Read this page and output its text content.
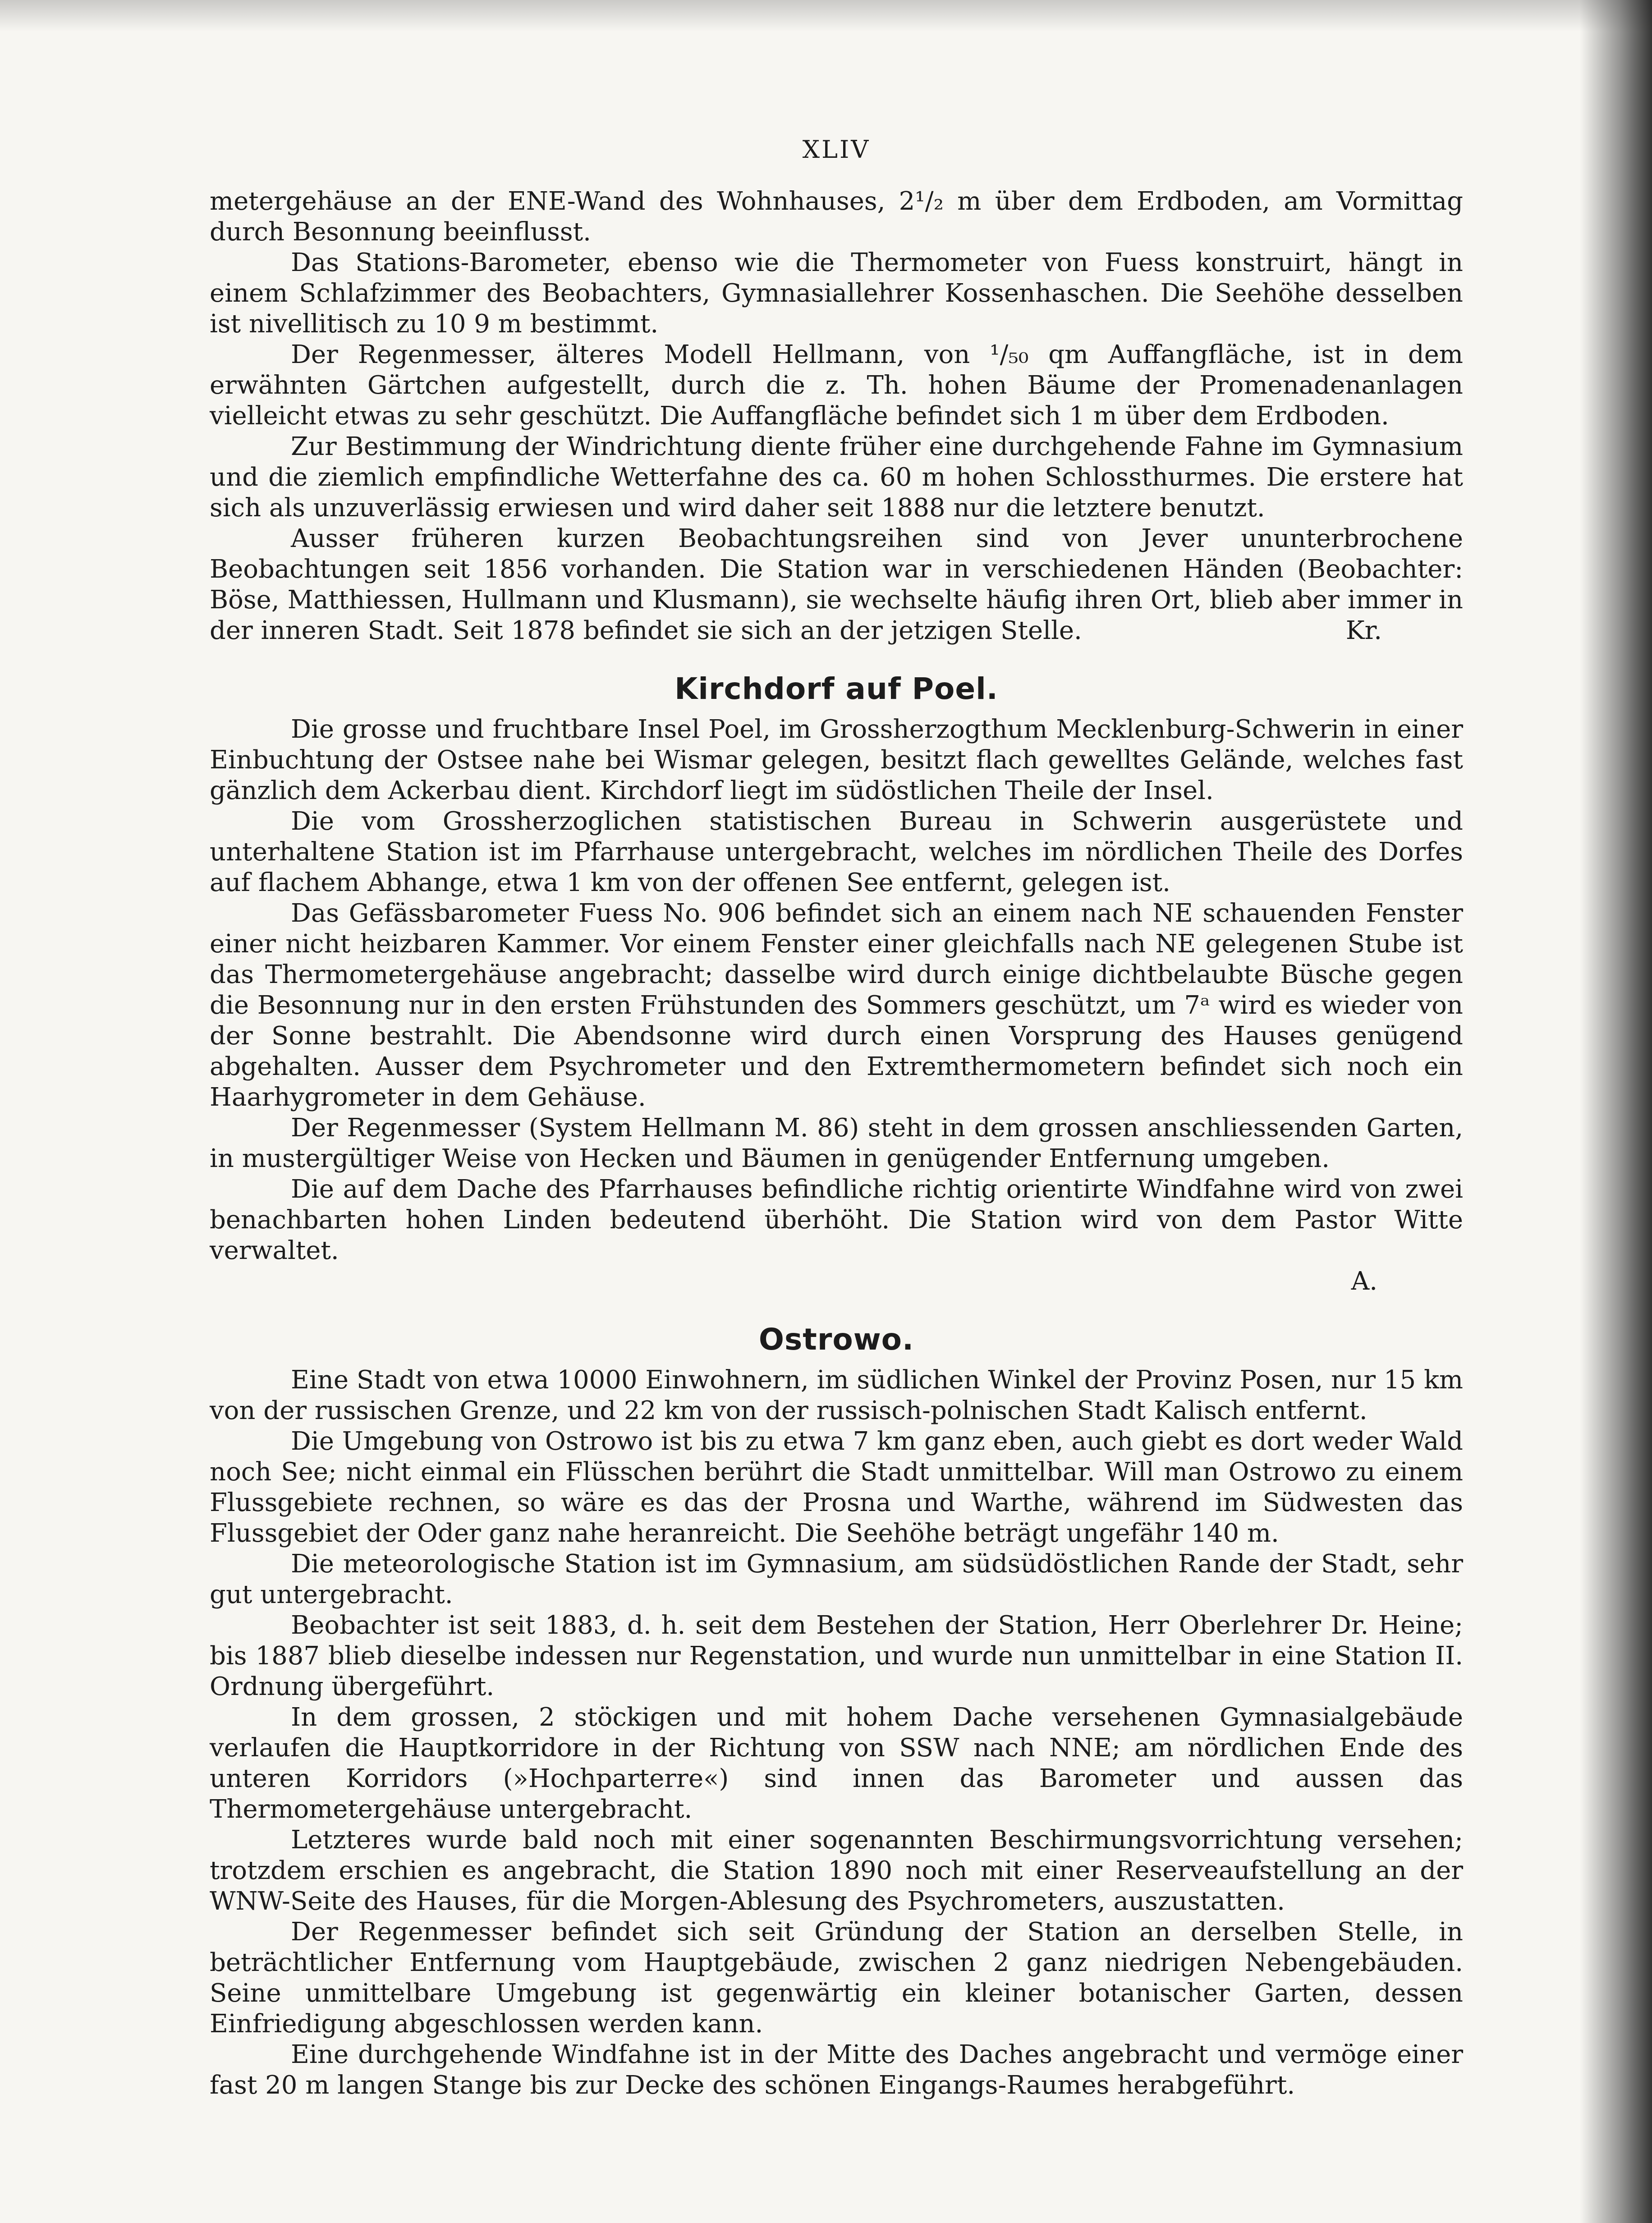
XLIV

metergehäuse an der ENE-Wand des Wohnhauses, 2¹/₂ m über dem Erdboden, am Vormittag durch Besonnung beeinflusst.

Das Stations-Barometer, ebenso wie die Thermometer von Fuess konstruirt, hängt in einem Schlafzimmer des Beobachters, Gymnasiallehrer Kossenhaschen. Die Seehöhe desselben ist nivellitisch zu 10 9 m bestimmt.

Der Regenmesser, älteres Modell Hellmann, von ¹/₅₀ qm Auffangfläche, ist in dem erwähnten Gärtchen aufgestellt, durch die z. Th. hohen Bäume der Promenadenanlagen vielleicht etwas zu sehr geschützt. Die Auffangfläche befindet sich 1 m über dem Erdboden.

Zur Bestimmung der Windrichtung diente früher eine durchgehende Fahne im Gymnasium und die ziemlich empfindliche Wetterfahne des ca. 60 m hohen Schlossthurmes. Die erstere hat sich als unzuverlässig erwiesen und wird daher seit 1888 nur die letztere benutzt.

Ausser früheren kurzen Beobachtungsreihen sind von Jever ununterbrochene Beobachtungen seit 1856 vorhanden. Die Station war in verschiedenen Händen (Beobachter: Böse, Matthiessen, Hullmann und Klusmann), sie wechselte häufig ihren Ort, blieb aber immer in der inneren Stadt. Seit 1878 befindet sie sich an der jetzigen Stelle.	Kr.
Kirchdorf auf Poel.

Die grosse und fruchtbare Insel Poel, im Grossherzogthum Mecklenburg-Schwerin in einer Einbuchtung der Ostsee nahe bei Wismar gelegen, besitzt flach gewelltes Gelände, welches fast gänzlich dem Ackerbau dient. Kirchdorf liegt im südöstlichen Theile der Insel.

Die vom Grossherzoglichen statistischen Bureau in Schwerin ausgerüstete und unterhaltene Station ist im Pfarrhause untergebracht, welches im nördlichen Theile des Dorfes auf flachem Abhange, etwa 1 km von der offenen See entfernt, gelegen ist.

Das Gefässbarometer Fuess No. 906 befindet sich an einem nach NE schauenden Fenster einer nicht heizbaren Kammer. Vor einem Fenster einer gleichfalls nach NE gelegenen Stube ist das Thermometergehäuse angebracht; dasselbe wird durch einige dichtbelaubte Büsche gegen die Besonnung nur in den ersten Frühstunden des Sommers geschützt, um 7ᵃ wird es wieder von der Sonne bestrahlt. Die Abendsonne wird durch einen Vorsprung des Hauses genügend abgehalten. Ausser dem Psychrometer und den Extremthermometern befindet sich noch ein Haarhygrometer in dem Gehäuse.

Der Regenmesser (System Hellmann M. 86) steht in dem grossen anschliessenden Garten, in mustergültiger Weise von Hecken und Bäumen in genügender Entfernung umgeben.

Die auf dem Dache des Pfarrhauses befindliche richtig orientirte Windfahne wird von zwei benachbarten hohen Linden bedeutend überhöht. Die Station wird von dem Pastor Witte verwaltet.

A.
Ostrowo.

Eine Stadt von etwa 10000 Einwohnern, im südlichen Winkel der Provinz Posen, nur 15 km von der russischen Grenze, und 22 km von der russisch-polnischen Stadt Kalisch entfernt.

Die Umgebung von Ostrowo ist bis zu etwa 7 km ganz eben, auch giebt es dort weder Wald noch See; nicht einmal ein Flüsschen berührt die Stadt unmittelbar. Will man Ostrowo zu einem Flussgebiete rechnen, so wäre es das der Prosna und Warthe, während im Südwesten das Flussgebiet der Oder ganz nahe heranreicht. Die Seehöhe beträgt ungefähr 140 m.

Die meteorologische Station ist im Gymnasium, am südsüdöstlichen Rande der Stadt, sehr gut untergebracht.

Beobachter ist seit 1883, d. h. seit dem Bestehen der Station, Herr Oberlehrer Dr. Heine; bis 1887 blieb dieselbe indessen nur Regenstation, und wurde nun unmittelbar in eine Station II. Ordnung übergeführt.

In dem grossen, 2 stöckigen und mit hohem Dache versehenen Gymnasialgebäude verlaufen die Hauptkorridore in der Richtung von SSW nach NNE; am nördlichen Ende des unteren Korridors (»Hochparterre«) sind innen das Barometer und aussen das Thermometergehäuse untergebracht.

Letzteres wurde bald noch mit einer sogenannten Beschirmungsvorrichtung versehen; trotzdem erschien es angebracht, die Station 1890 noch mit einer Reserveaufstellung an der WNW-Seite des Hauses, für die Morgen-Ablesung des Psychrometers, auszustatten.

Der Regenmesser befindet sich seit Gründung der Station an derselben Stelle, in beträchtlicher Entfernung vom Hauptgebäude, zwischen 2 ganz niedrigen Nebengebäuden. Seine unmittelbare Umgebung ist gegenwärtig ein kleiner botanischer Garten, dessen Einfriedigung abgeschlossen werden kann.

Eine durchgehende Windfahne ist in der Mitte des Daches angebracht und vermöge einer fast 20 m langen Stange bis zur Decke des schönen Eingangs-Raumes herabgeführt.
